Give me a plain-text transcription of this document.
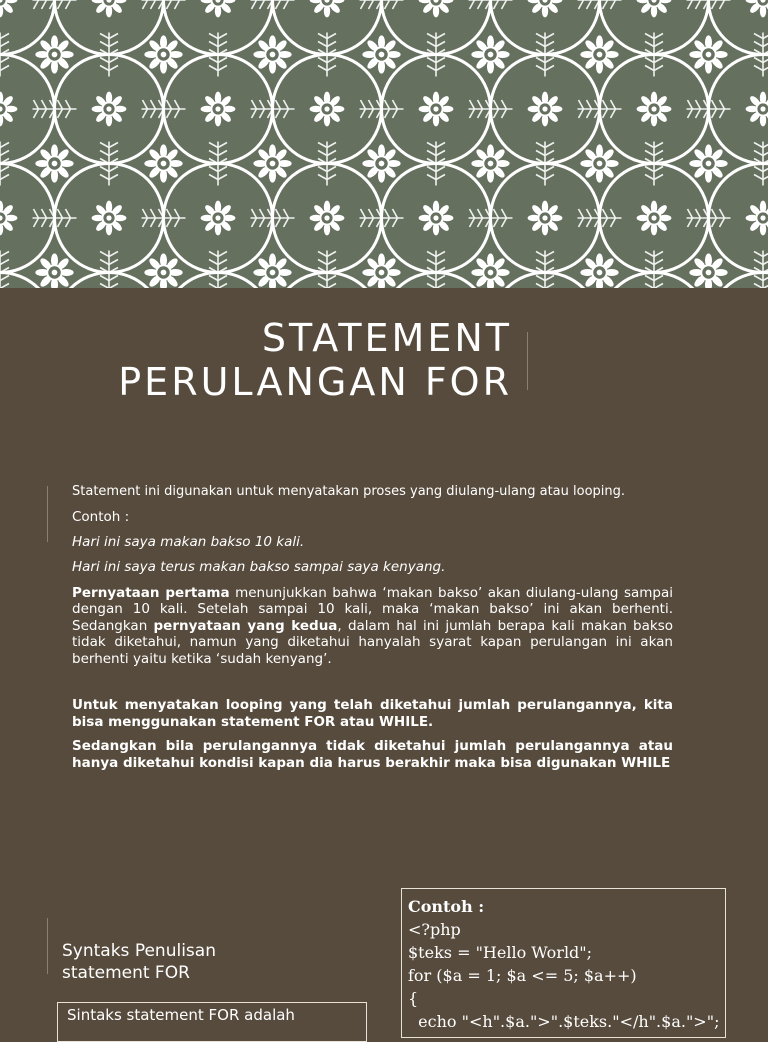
STATEMENT
PERULANGAN FOR

Statement ini digunakan untuk menyatakan proses yang diulang-ulang atau looping.

Contoh :

Hari ini saya makan bakso 10 kali.

Hari ini saya terus makan bakso sampai saya kenyang.

Pernyataan pertama menunjukkan bahwa ‘makan bakso’ akan diulang-ulang sampai dengan 10 kali. Setelah sampai 10 kali, maka ‘makan bakso’ ini akan berhenti. Sedangkan pernyataan yang kedua, dalam hal ini jumlah berapa kali makan bakso tidak diketahui, namun yang diketahui hanyalah syarat kapan perulangan ini akan berhenti yaitu ketika ‘sudah kenyang’.

Untuk menyatakan looping yang telah diketahui jumlah perulangannya, kita bisa menggunakan statement FOR atau WHILE.

Sedangkan bila perulangannya tidak diketahui jumlah perulangannya atau hanya diketahui kondisi kapan dia harus berakhir maka bisa digunakan WHILE

Syntaks Penulisan
statement FOR
Sintaks statement FOR adalah
Contoh :
<?php
$teks = "Hello World";
for ($a = 1; $a <= 5; $a++)
{
echo "<h".$a.">".$teks."</h".$a.">";
